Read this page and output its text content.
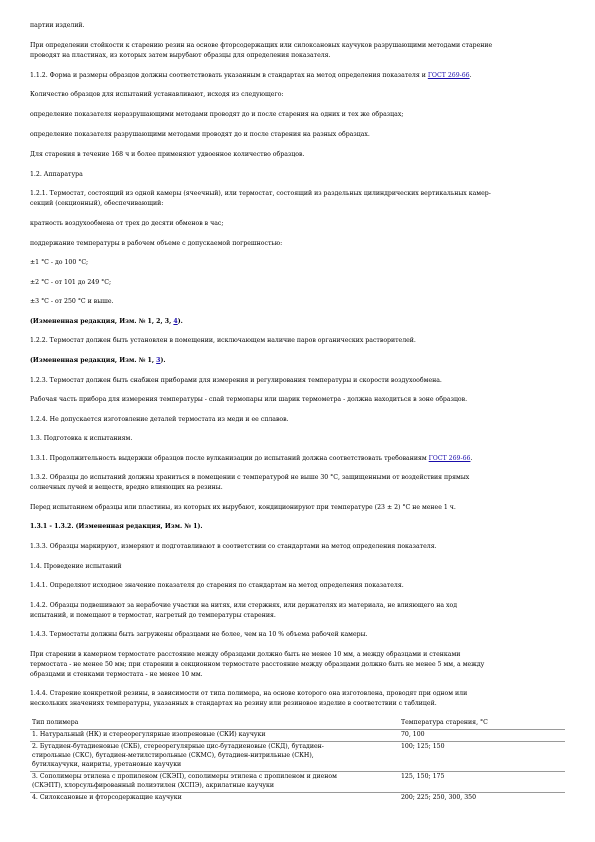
партии изделий.

При определении стойкости к старению резин на основе фторсодержащих или силоксановых каучуков разрушающими методами старение

проводят на пластинах, из которых затем вырубают образцы для определения показателя.

1.1.2. Форма и размеры образцов должны соответствовать указанным в стандартах на метод определения показателя и ГОСТ 269-66.

Количество образцов для испытаний устанавливают, исходя из следующего:

определение показателя неразрушающими методами проводят до и после старения на одних и тех же образцах;

определение показателя разрушающими методами проводят до и после старения на разных образцах.

Для старения в течение 168 ч и более применяют удвоенное количество образцов.

1.2. Аппаратура

1.2.1. Термостат, состоящий из одной камеры (ячеечный), или термостат, состоящий из раздельных цилиндрических вертикальных камер-

секций (секционный), обеспечивающий:

кратность воздухообмена от трех до десяти обменов в час;

поддержание температуры в рабочем объеме с допускаемой погрешностью:

±1 °С - до 100 °С;

±2 °С - от 101 до 249 °С;

±3 °С - от 250 °С и выше.

(Измененная редакция, Изм. № 1, 2, 3, 4).

1.2.2. Термостат должен быть установлен в помещении, исключающем наличие паров органических растворителей.

(Измененная редакция, Изм. № 1, 3).

1.2.3. Термостат должен быть снабжен приборами для измерения и регулирования температуры и скорости воздухообмена.

Рабочая часть прибора для измерения температуры - спай термопары или шарик термометра - должна находиться в зоне образцов.

1.2.4. Не допускается изготовление деталей термостата из меди и ее сплавов.

1.3. Подготовка к испытаниям.

1.3.1. Продолжительность выдержки образцов после вулканизации до испытаний должна соответствовать требованиям ГОСТ 269-66.

1.3.2. Образцы до испытаний должны храниться в помещении с температурой не выше 30 °С, защищенными от воздействия прямых

солнечных лучей и веществ, вредно влияющих на резины.

Перед испытанием образцы или пластины, из которых их вырубают, кондиционируют при температуре (23 ± 2) °С не менее 1 ч.

1.3.1 - 1.3.2. (Измененная редакция, Изм. № 1).

1.3.3. Образцы маркируют, измеряют и подготавливают в соответствии со стандартами на метод определения показателя.

1.4. Проведение испытаний

1.4.1. Определяют исходное значение показателя до старения по стандартам на метод определения показателя.

1.4.2. Образцы подвешивают за нерабочие участки на нитях, или стержнях, или держателях из материала, не влияющего на ход

испытаний, и помещают в термостат, нагретый до температуры старения.

1.4.3. Термостаты должны быть загружены образцами не более, чем на 10 % объема рабочей камеры.

При старении в камерном термостате расстояние между образцами должно быть не менее 10 мм, а между образцами и стенками

термостата - не менее 50 мм; при старении в секционном термостате расстояние между образцами должно быть не менее 5 мм, а между

образцами и стенками термостата - не менее 10 мм.

1.4.4. Старение конкретной резины, в зависимости от типа полимера, на основе которого она изготовлена, проводят при одном или

нескольких значениях температуры, указанных в стандартах на резину или резиновое изделие в соответствии с таблицей.

Тип полимера	Температура старения, °С

1. Натуральный (НК) и стереорегулярные изопреновые (СКИ) каучуки	70, 100

2. Бутадиен-бутадиеновые (СКБ), стереорегулярные цис-бутадиеновые (СКД), бутадиен-
стирольные (СКС), бутадиен-метилстирольные (СКМС), бутадиен-нитрильные (СКН),
бутилкаучуки, наириты, уретановые каучуки	100; 125; 150

3. Сополимеры этилена с пропиленом (СКЭП), сополимеры этилена с пропиленом и диеном
(СКЭПТ), хлорсульфированный полиэтилен (ХСПЭ), акрилатные каучуки	125, 150; 175

4. Силоксановые и фторсодержащие каучуки	200; 225; 250, 300, 350
